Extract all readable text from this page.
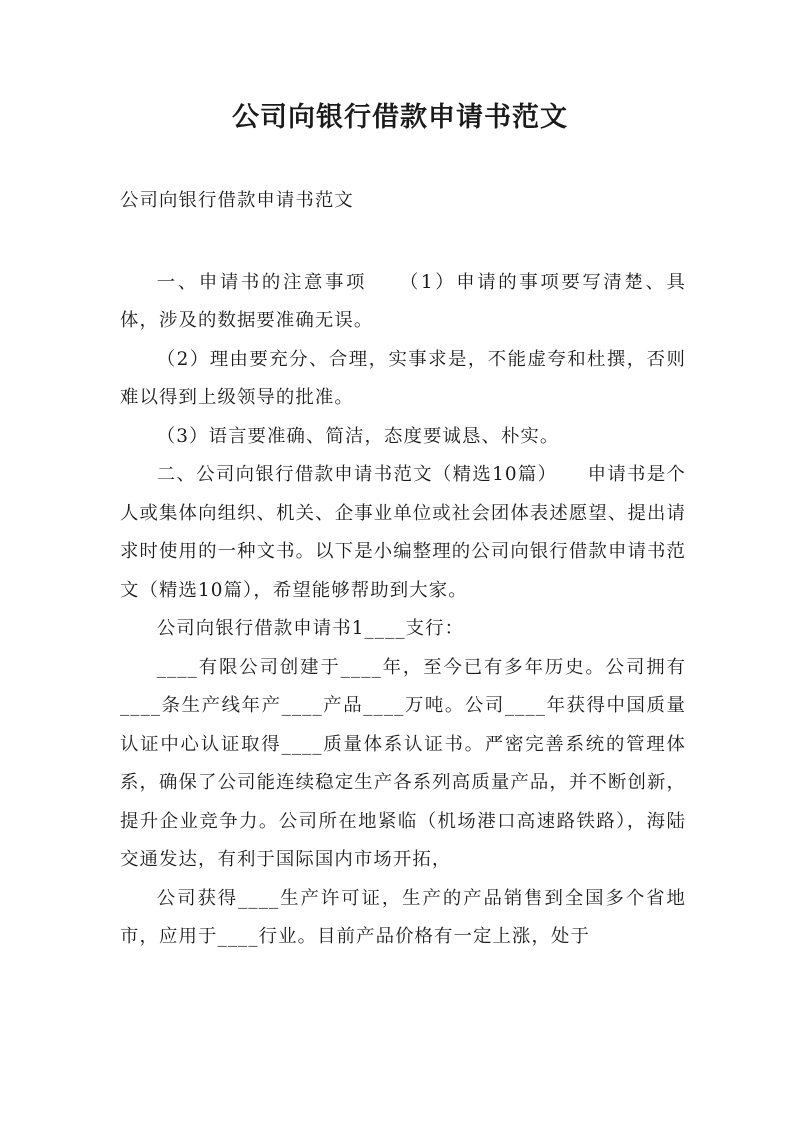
公司向银行借款申请书范文

公司向银行借款申请书范文

一、申请书的注意事项　　（1）申请的事项要写清楚、具体，涉及的数据要准确无误。

（2）理由要充分、合理，实事求是，不能虚夸和杜撰，否则难以得到上级领导的批准。

（3）语言要准确、简洁，态度要诚恳、朴实。

二、公司向银行借款申请书范文（精选10篇）　　申请书是个人或集体向组织、机关、企事业单位或社会团体表述愿望、提出请求时使用的一种文书。以下是小编整理的公司向银行借款申请书范文（精选10篇），希望能够帮助到大家。

公司向银行借款申请书1____支行：

____有限公司创建于____年，至今已有多年历史。公司拥有____条生产线年产____产品____万吨。公司____年获得中国质量认证中心认证取得____质量体系认证书。严密完善系统的管理体系，确保了公司能连续稳定生产各系列高质量产品，并不断创新，提升企业竞争力。公司所在地紧临（机场港口高速路铁路），海陆交通发达，有利于国际国内市场开拓，

公司获得____生产许可证，生产的产品销售到全国多个省地市，应用于____行业。目前产品价格有一定上涨，处于
